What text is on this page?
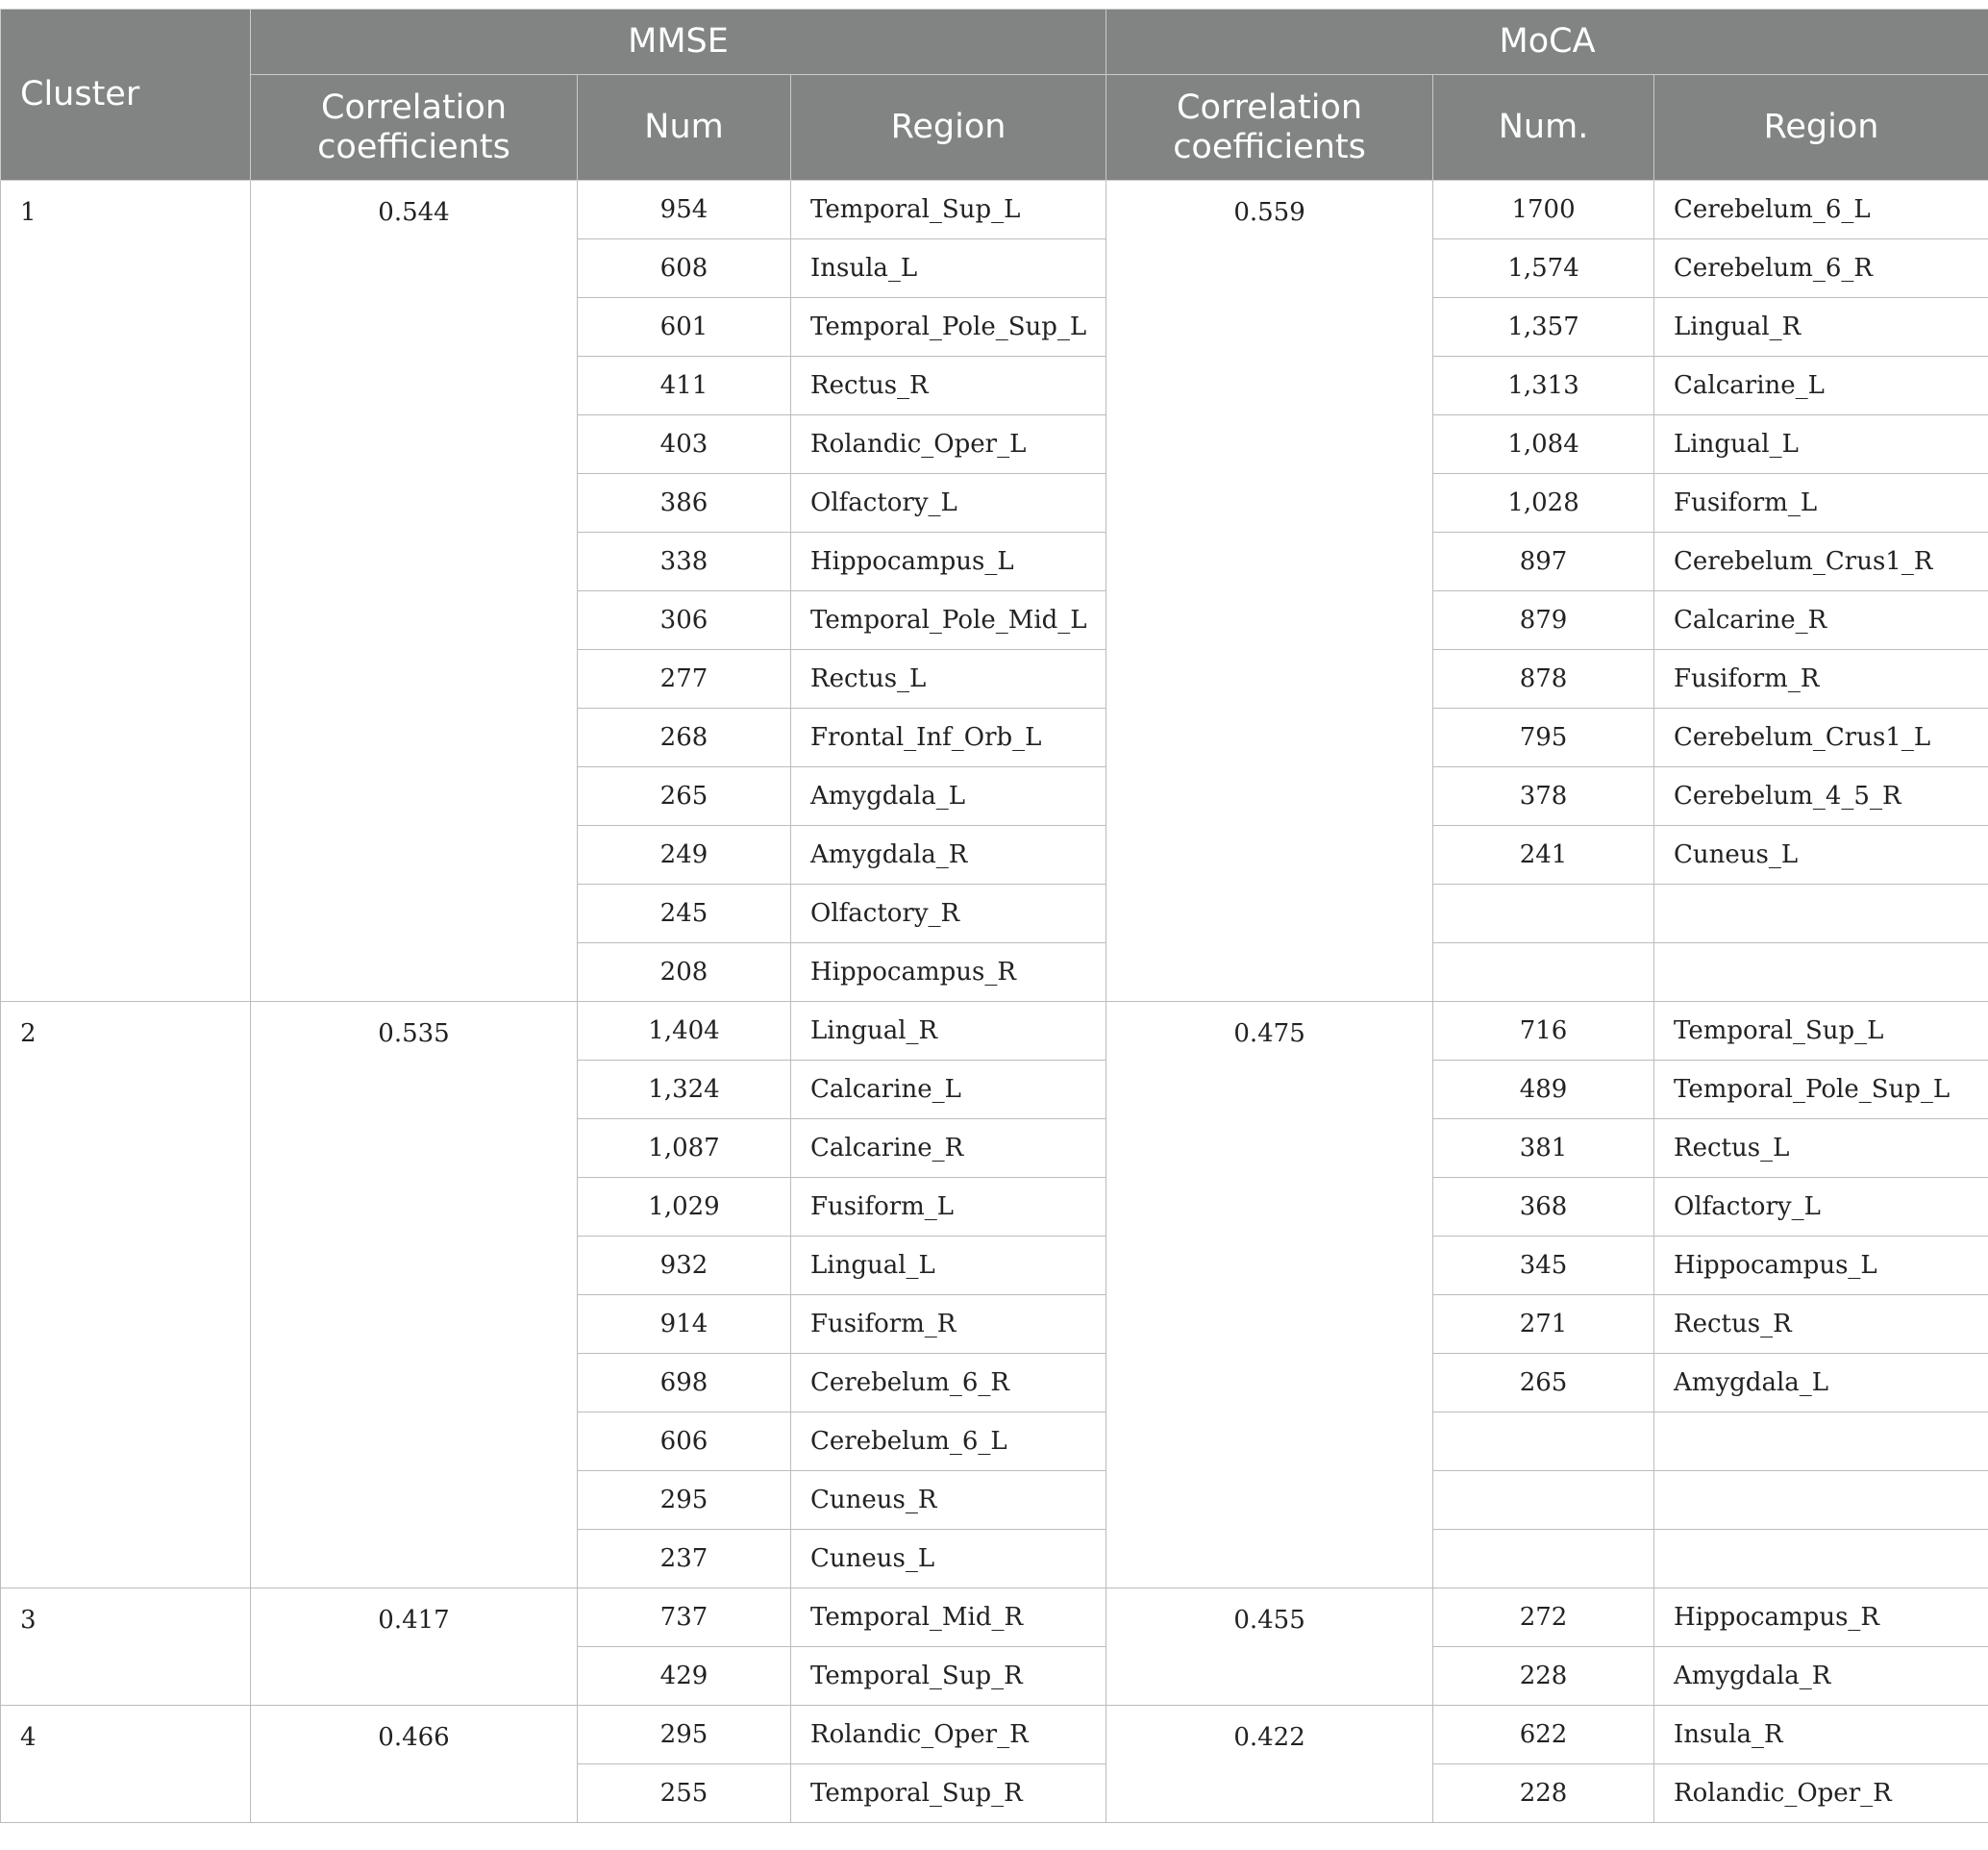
Cluster	MMSE			MoCA		
	Correlation coefficients	Num	Region	Correlation coefficients	Num.	Region
1	0.544	954	Temporal_Sup_L	0.559	1700	Cerebelum_6_L
		608	Insula_L		1,574	Cerebelum_6_R
		601	Temporal_Pole_Sup_L		1,357	Lingual_R
		411	Rectus_R		1,313	Calcarine_L
		403	Rolandic_Oper_L		1,084	Lingual_L
		386	Olfactory_L		1,028	Fusiform_L
		338	Hippocampus_L		897	Cerebelum_Crus1_R
		306	Temporal_Pole_Mid_L		879	Calcarine_R
		277	Rectus_L		878	Fusiform_R
		268	Frontal_Inf_Orb_L		795	Cerebelum_Crus1_L
		265	Amygdala_L		378	Cerebelum_4_5_R
		249	Amygdala_R		241	Cuneus_L
		245	Olfactory_R			
		208	Hippocampus_R			
2	0.535	1,404	Lingual_R	0.475	716	Temporal_Sup_L
		1,324	Calcarine_L		489	Temporal_Pole_Sup_L
		1,087	Calcarine_R		381	Rectus_L
		1,029	Fusiform_L		368	Olfactory_L
		932	Lingual_L		345	Hippocampus_L
		914	Fusiform_R		271	Rectus_R
		698	Cerebelum_6_R		265	Amygdala_L
		606	Cerebelum_6_L			
		295	Cuneus_R			
		237	Cuneus_L			
3	0.417	737	Temporal_Mid_R	0.455	272	Hippocampus_R
		429	Temporal_Sup_R		228	Amygdala_R
4	0.466	295	Rolandic_Oper_R	0.422	622	Insula_R
		255	Temporal_Sup_R		228	Rolandic_Oper_R
